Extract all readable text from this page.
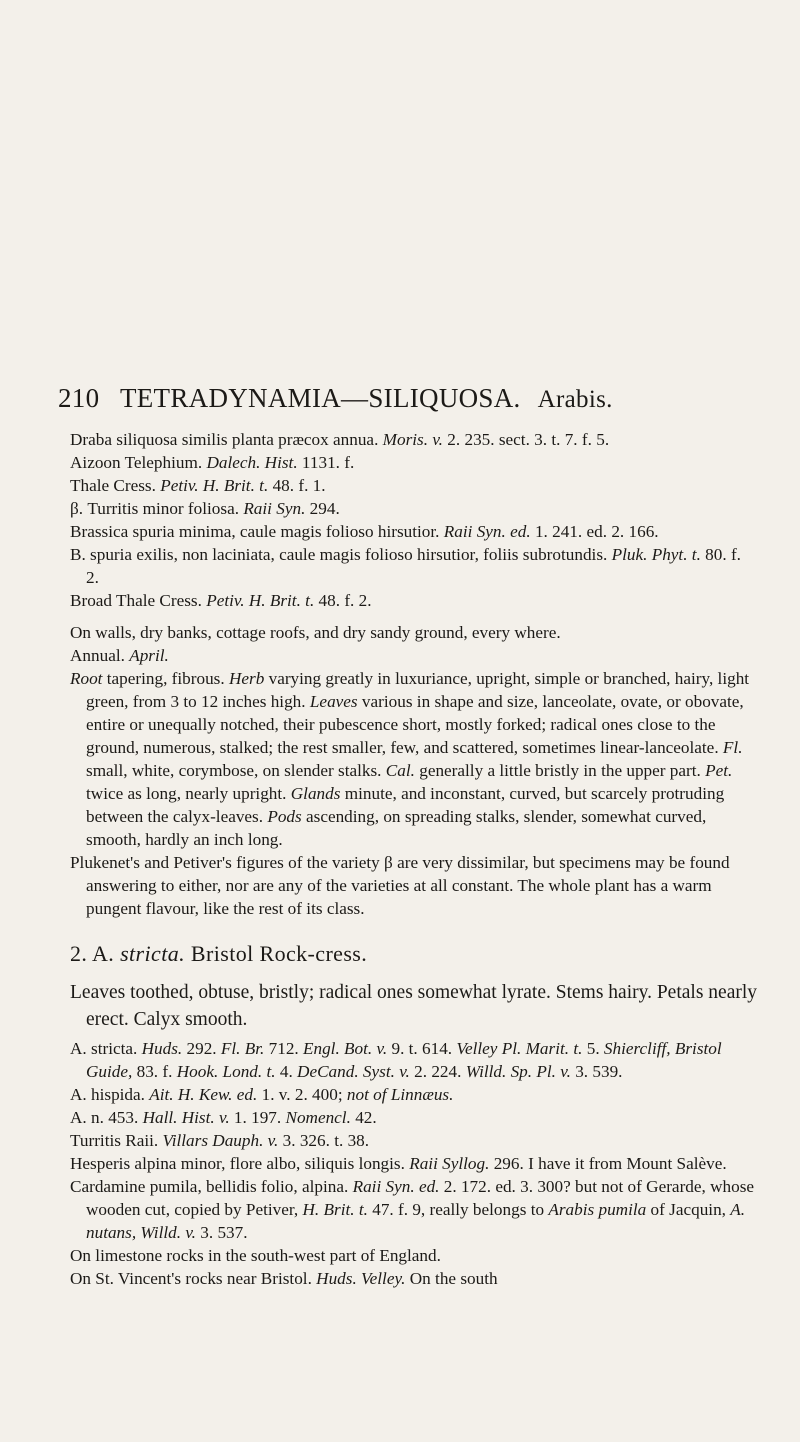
210 TETRADYNAMIA—SILIQUOSA. Arabis.

Draba siliquosa similis planta præcox annua. Moris. v. 2. 235. sect. 3. t. 7. f. 5.

Aizoon Telephium. Dalech. Hist. 1131. f.

Thale Cress. Petiv. H. Brit. t. 48. f. 1.

β. Turritis minor foliosa. Raii Syn. 294.

Brassica spuria minima, caule magis folioso hirsutior. Raii Syn. ed. 1. 241. ed. 2. 166.

B. spuria exilis, non laciniata, caule magis folioso hirsutior, foliis subrotundis. Pluk. Phyt. t. 80. f. 2.

Broad Thale Cress. Petiv. H. Brit. t. 48. f. 2.

On walls, dry banks, cottage roofs, and dry sandy ground, every where.

Annual. April.

Root tapering, fibrous. Herb varying greatly in luxuriance, upright, simple or branched, hairy, light green, from 3 to 12 inches high. Leaves various in shape and size, lanceolate, ovate, or obovate, entire or unequally notched, their pubescence short, mostly forked; radical ones close to the ground, numerous, stalked; the rest smaller, few, and scattered, sometimes linear-lanceolate. Fl. small, white, corymbose, on slender stalks. Cal. generally a little bristly in the upper part. Pet. twice as long, nearly upright. Glands minute, and inconstant, curved, but scarcely protruding between the calyx-leaves. Pods ascending, on spreading stalks, slender, somewhat curved, smooth, hardly an inch long.

Plukenet's and Petiver's figures of the variety β are very dissimilar, but specimens may be found answering to either, nor are any of the varieties at all constant. The whole plant has a warm pungent flavour, like the rest of its class.

2. A. stricta. Bristol Rock-cress.

Leaves toothed, obtuse, bristly; radical ones somewhat lyrate. Stems hairy. Petals nearly erect. Calyx smooth.

A. stricta. Huds. 292. Fl. Br. 712. Engl. Bot. v. 9. t. 614. Velley Pl. Marit. t. 5. Shiercliff, Bristol Guide, 83. f. Hook. Lond. t. 4. DeCand. Syst. v. 2. 224. Willd. Sp. Pl. v. 3. 539.

A. hispida. Ait. H. Kew. ed. 1. v. 2. 400; not of Linnæus.

A. n. 453. Hall. Hist. v. 1. 197. Nomencl. 42.

Turritis Raii. Villars Dauph. v. 3. 326. t. 38.

Hesperis alpina minor, flore albo, siliquis longis. Raii Syllog. 296. I have it from Mount Salève.

Cardamine pumila, bellidis folio, alpina. Raii Syn. ed. 2. 172. ed. 3. 300? but not of Gerarde, whose wooden cut, copied by Petiver, H. Brit. t. 47. f. 9, really belongs to Arabis pumila of Jacquin, A. nutans, Willd. v. 3. 537.

On limestone rocks in the south-west part of England.

On St. Vincent's rocks near Bristol. Huds. Velley. On the south
